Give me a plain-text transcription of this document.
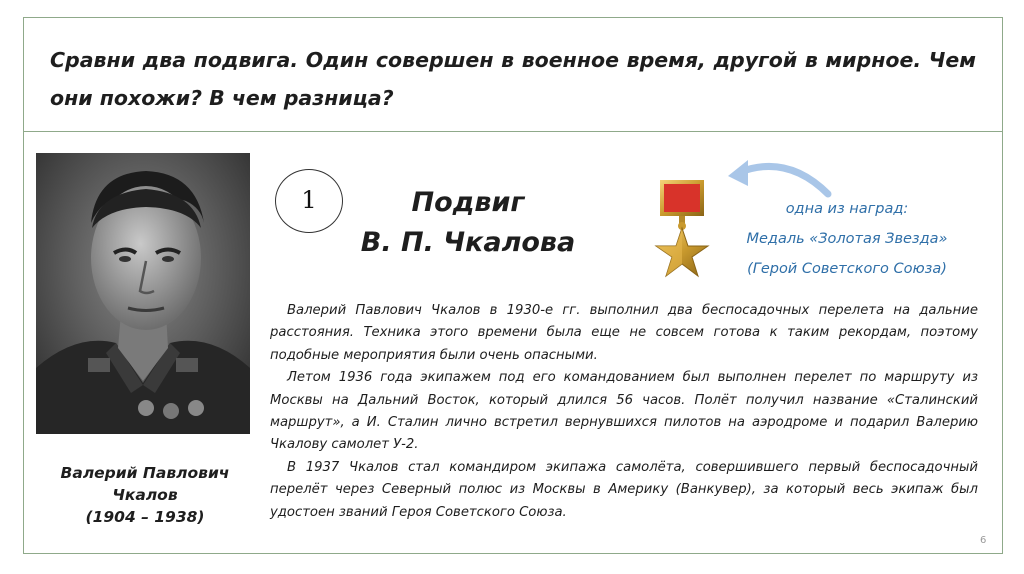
Сравни два подвига. Один совершен в военное время, другой в мирное. Чем они похожи? В чем разница?
Валерий Павлович
Чкалов
(1904 – 1938)
1	Подвиг
В. П. Чкалова
одна из наград:
Медаль «Золотая Звезда»
(Герой Советского Союза)

Валерий Павлович Чкалов в 1930-е гг. выполнил два беспосадочных перелета на дальние расстояния. Техника этого времени была еще не совсем готова к таким рекордам, поэтому подобные мероприятия были очень опасными.

Летом 1936 года экипажем под его командованием был выполнен перелет по маршруту из Москвы на Дальний Восток, который длился 56 часов. Полёт получил название «Сталинский маршрут», а И. Сталин лично встретил вернувшихся пилотов на аэродроме и подарил Валерию Чкалову самолет У-2.

В 1937 Чкалов стал командиром экипажа самолёта, совершившего первый беспосадочный перелёт через Северный полюс из Москвы в Америку (Ванкувер), за который весь экипаж был удостоен званий Героя Советского Союза.

6
